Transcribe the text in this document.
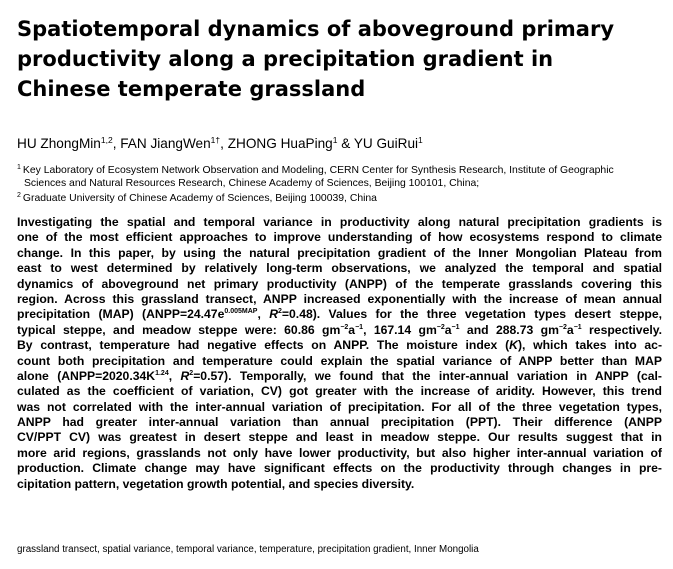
Spatiotemporal dynamics of aboveground primary
productivity along a precipitation gradient in
Chinese temperate grassland
HU ZhongMin$^{1,2}$, FAN JiangWen$^{1\dagger}$, ZHONG HuaPing$^1$ & YU GuiRui$^1$
$^1$ Key Laboratory of Ecosystem Network Observation and Modeling, CERN Center for Synthesis Research, Institute of Geographic
Sciences and Natural Resources Research, Chinese Academy of Sciences, Beijing 100101, China;
$^2$ Graduate University of Chinese Academy of Sciences, Beijing 100039, China
Investigating the spatial and temporal variance in productivity along natural precipitation gradients is
one of the most efficient approaches to improve understanding of how ecosystems respond to climate
change. In this paper, by using the natural precipitation gradient of the Inner Mongolian Plateau from
east to west determined by relatively long-term observations, we analyzed the temporal and spatial
dynamics of aboveground net primary productivity (ANPP) of the temperate grasslands covering this
region. Across this grassland transect, ANPP increased exponentially with the increase of mean annual
precipitation (MAP) ($ANPP=24.47e^{0.005MAP}$, $R^2=0.48$). Values for the three vegetation types desert steppe,
typical steppe, and meadow steppe were: 60.86 $gm^{-2}a^{-1}$, 167.14 $gm^{-2}a^{-1}$ and 288.73 $gm^{-2}a^{-1}$ respectively.
By contrast, temperature had negative effects on ANPP. The moisture index (K), which takes into ac-
count both precipitation and temperature could explain the spatial variance of ANPP better than MAP
alone ($ANPP=2020.34K^{1.24}$, $R^2=0.57$). Temporally, we found that the inter-annual variation in ANPP (cal-
culated as the coefficient of variation, CV) got greater with the increase of aridity. However, this trend
was not correlated with the inter-annual variation of precipitation. For all of the three vegetation types,
ANPP had greater inter-annual variation than annual precipitation (PPT). Their difference (ANPP
CV/PPT CV) was greatest in desert steppe and least in meadow steppe. Our results suggest that in
more arid regions, grasslands not only have lower productivity, but also higher inter-annual variation of
production. Climate change may have significant effects on the productivity through changes in pre-
cipitation pattern, vegetation growth potential, and species diversity.
grassland transect, spatial variance, temporal variance, temperature, precipitation gradient, Inner Mongolia
